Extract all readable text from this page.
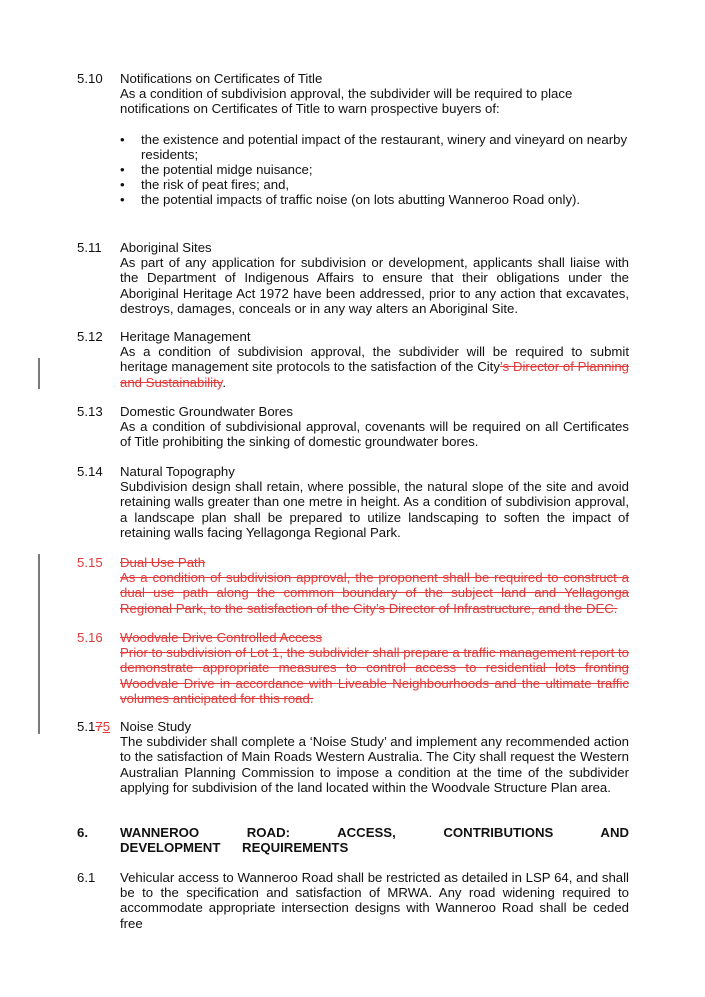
5.10	Notifications on Certificates of Title
As a condition of subdivision approval, the subdivider will be required to place notifications on Certificates of Title to warn prospective buyers of:
• the existence and potential impact of the restaurant, winery and vineyard on nearby residents;
• the potential midge nuisance;
• the risk of peat fires; and,
• the potential impacts of traffic noise (on lots abutting Wanneroo Road only).
5.11	Aboriginal Sites
As part of any application for subdivision or development, applicants shall liaise with the Department of Indigenous Affairs to ensure that their obligations under the Aboriginal Heritage Act 1972 have been addressed, prior to any action that excavates, destroys, damages, conceals or in any way alters an Aboriginal Site.
5.12	Heritage Management
As a condition of subdivision approval, the subdivider will be required to submit heritage management site protocols to the satisfaction of the City’s Director of Planning and Sustainability.
5.13	Domestic Groundwater Bores
As a condition of subdivisional approval, covenants will be required on all Certificates of Title prohibiting the sinking of domestic groundwater bores.
5.14	Natural Topography
Subdivision design shall retain, where possible, the natural slope of the site and avoid retaining walls greater than one metre in height. As a condition of subdivision approval, a landscape plan shall be prepared to utilize landscaping to soften the impact of retaining walls facing Yellagonga Regional Park.
5.15	Dual Use Path
As a condition of subdivision approval, the proponent shall be required to construct a dual use path along the common boundary of the subject land and Yellagonga Regional Park, to the satisfaction of the City’s Director of Infrastructure, and the DEC.
5.16	Woodvale Drive Controlled Access
Prior to subdivision of Lot 1, the subdivider shall prepare a traffic management report to demonstrate appropriate measures to control access to residential lots fronting Woodvale Drive in accordance with Liveable Neighbourhoods and the ultimate traffic volumes anticipated for this road.
5.175 Noise Study
The subdivider shall complete a ‘Noise Study’ and implement any recommended action to the satisfaction of Main Roads Western Australia. The City shall request the Western Australian Planning Commission to impose a condition at the time of the subdivider applying for subdivision of the land located within the Woodvale Structure Plan area.
6.	WANNEROO ROAD: ACCESS, CONTRIBUTIONS AND DEVELOPMENT REQUIREMENTS
6.1	Vehicular access to Wanneroo Road shall be restricted as detailed in LSP 64, and shall be to the specification and satisfaction of MRWA. Any road widening required to accommodate appropriate intersection designs with Wanneroo Road shall be ceded free
